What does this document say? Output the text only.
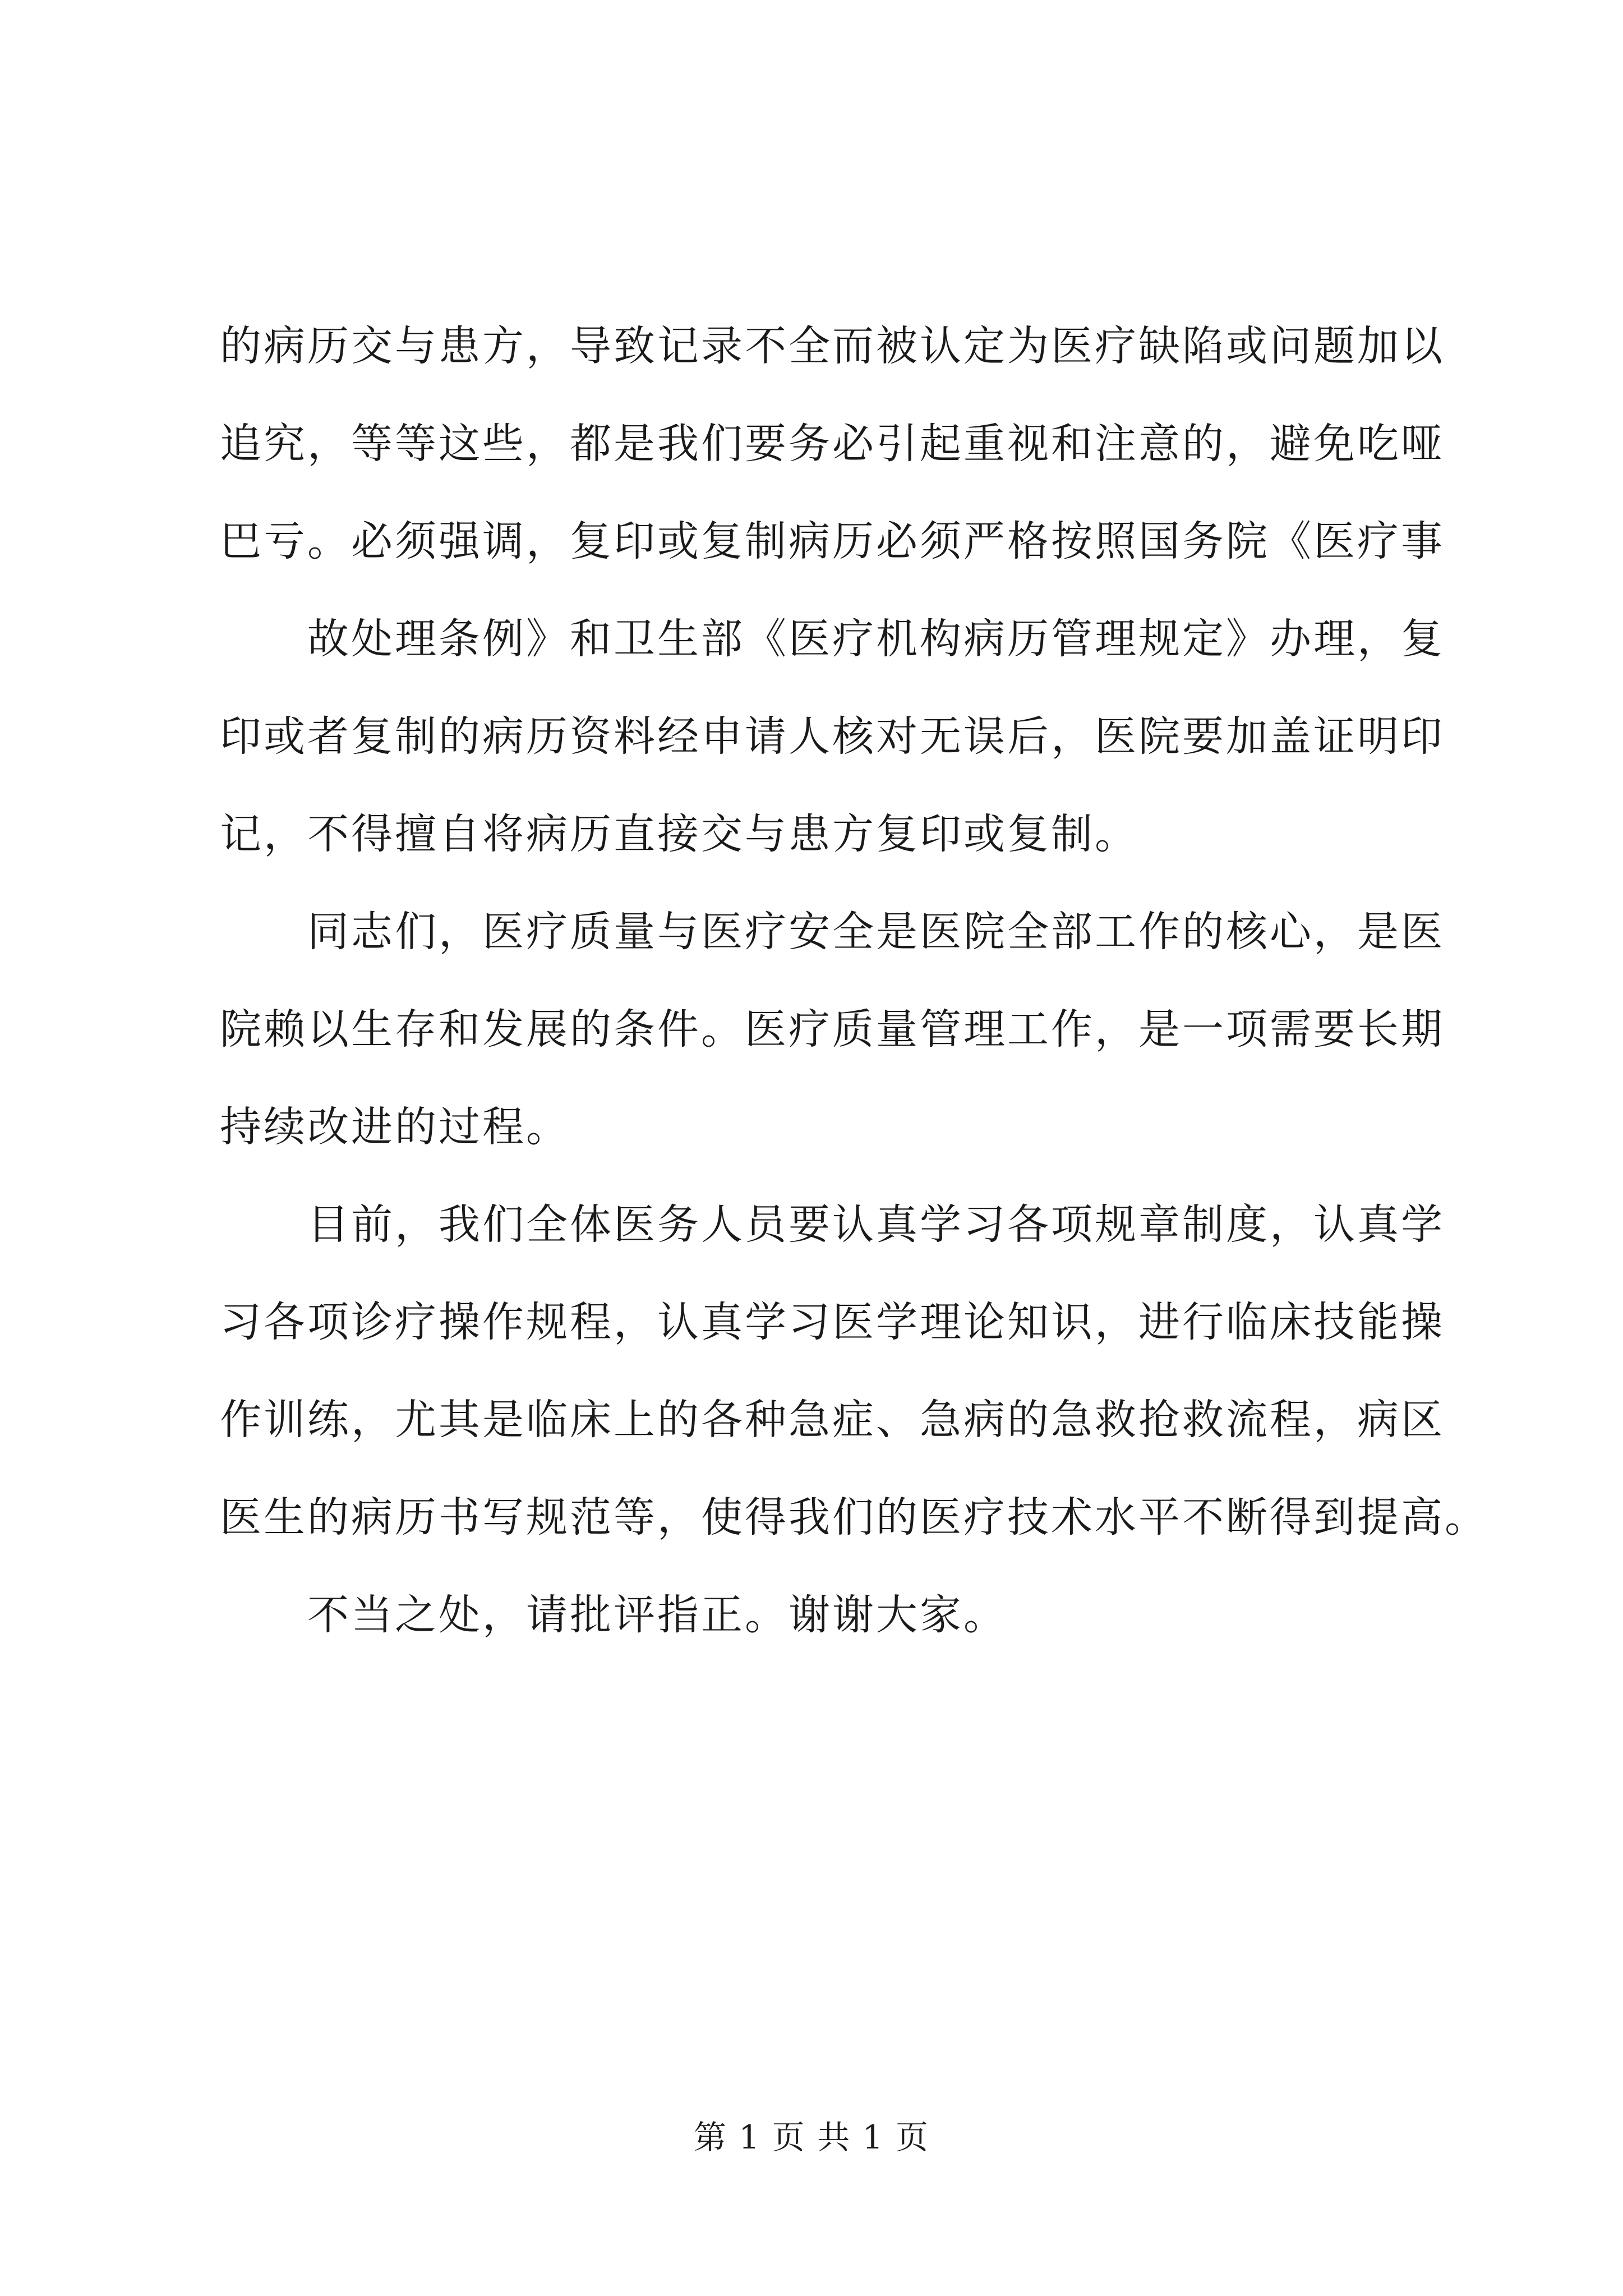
的病历交与患方，导致记录不全而被认定为医疗缺陷或问题加以
追究，等等这些，都是我们要务必引起重视和注意的，避免吃哑
巴亏。必须强调，复印或复制病历必须严格按照国务院《医疗事
故处理条例》和卫生部《医疗机构病历管理规定》办理，复
印或者复制的病历资料经申请人核对无误后，医院要加盖证明印
记，不得擅自将病历直接交与患方复印或复制。
同志们，医疗质量与医疗安全是医院全部工作的核心，是医
院赖以生存和发展的条件。医疗质量管理工作，是一项需要长期
持续改进的过程。
目前，我们全体医务人员要认真学习各项规章制度，认真学
习各项诊疗操作规程，认真学习医学理论知识，进行临床技能操
作训练，尤其是临床上的各种急症、急病的急救抢救流程，病区
医生的病历书写规范等，使得我们的医疗技术水平不断得到提高。
不当之处，请批评指正。谢谢大家。
第 1 页 共 1 页
